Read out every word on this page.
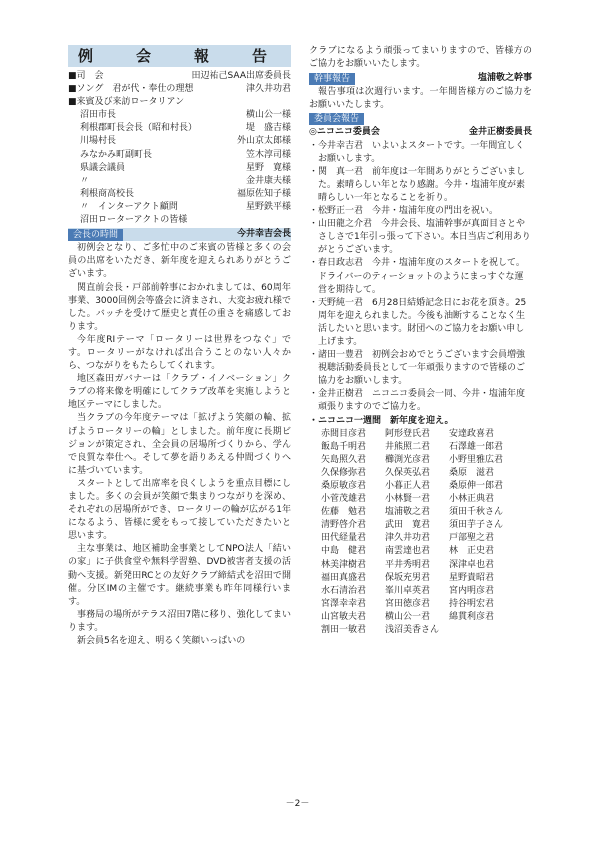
例　会　報　告
■司　会	田辺祐己SAA出席委員長
■ソング　君が代・奉仕の理想	津久井功君
■来賓及び来訪ロータリアン
沼田市長	横山公一様
利根郡町長会長（昭和村長）	堤　盛吉様
川場村長	外山京太郎様
みなかみ町副町長	笠木淳司様
県議会議員	星野　寛様
〃	金井康夫様
利根商高校長	福原佐知子様
〃　インターアクト顧問	星野鉄平様
沼田ローターアクトの皆様
会長の時間	今井幸吉会長
初例会となり、ご多忙中のご来賓の皆様と多くの会員の出席をいただき、新年度を迎えられありがとうございます。
関直前会長・戸部前幹事におかれましては、60周年事業、3000回例会等盛会に済まされ、大変お疲れ様でした。バッチを受けて歴史と責任の重さを痛感しております。
今年度RIテーマ「ロータリーは世界をつなぐ」です。ロータリーがなければ出合うことのない人々から、つながりをもたらしてくれます。
地区森田ガバナーは「クラブ・イノベーション」クラブの将来像を明確にしてクラブ改革を実施しようと地区テーマにしました。
当クラブの今年度テーマは「拡げよう笑顔の輪、拡げようロータリーの輪」としました。前年度に長期ビジョンが策定され、全会員の居場所づくりから、学んで良質な奉仕へ。そして夢を語りあえる仲間づくりへに基づいています。
スタートとして出席率を良くしようを重点目標にしました。多くの会員が笑顔で集まりつながりを深め、それぞれの居場所ができ、ロータリーの輪が広がる1年になるよう、皆様に愛をもって接していただきたいと思います。
主な事業は、地区補助金事業としてNPO法人「結いの家」に子供食堂や無料学習塾、DVD被害者支援の活動へ支援。新発田RCとの友好クラブ締結式を沼田で開催。分区IMの主催です。継続事業も昨年同様行います。
事務局の場所がテラス沼田7階に移り、強化してまいります。
新会員5名を迎え、明るく笑顔いっぱいの
クラブになるよう頑張ってまいりますので、皆様方のご協力をお願いいたします。
幹事報告	塩浦敬之幹事
報告事項は次週行います。一年間皆様方のご協力をお願いいたします。
委員会報告
◎ニコニコ委員会	金井正樹委員長
・今井幸吉君　いよいよスタートです。一年間宜しくお願いします。
・関　真一君　前年度は一年間ありがとうございました。素晴らしい年となり感謝。今井・塩浦年度が素晴らしい一年となることを祈り。
・松野正一君　今井・塩浦年度の門出を祝い。
・山田龍之介君　今井会長、塩浦幹事が真面目さとやさしさで1年引っ張って下さい。本日当店ご利用ありがとうございます。
・春日政志君　今井・塩浦年度のスタートを祝して。ドライバーのティーショットのようにまっすぐな運営を期待して。
・天野純一君　6月28日結婚記念日にお花を頂き。25周年を迎えられました。今後も油断することなく生活したいと思います。財団へのご協力をお願い申し上げます。
・諸田一豊君　初例会おめでとうございます会員増強視聴活動委員長として一年頑張りますので皆様のご協力をお願いします。
・金井正樹君　ニコニコ委員会一同、今井・塩浦年度頑張りますのでご協力を。
・ニコニコ一週間　新年度を迎え。
赤間目彦君	阿形登氏君	安達政喜君
飯島千明君	井熊照二君	石澤雄一郎君
矢島照久君	櫛渕光彦君	小野里雅広君
久保修弥君	久保英弘君	桑原　滋君
桑原敏彦君	小暮正人君	桑原伸一郎君
小菅茂雄君	小林賢一君	小林正典君
佐藤　勉君	塩浦敬之君	須田千秋さん
清野啓介君	武田　寛君	須田芋子さん
田代経量君	津久井功君	戸部聖之君
中島　健君	南雲達也君	林　正史君
林美津樹君	平井秀明君	深津卓也君
福田真盛君	保坂充男君	星野貴昭君
水石清治君	峯川卓英君	宮内明彦君
宮澤幸幸君	宮田徳彦君	持谷明宏君
山宮敏夫君	横山公一君	綿貫利彦君
割田一敏君	浅沼美香さん
－2－
